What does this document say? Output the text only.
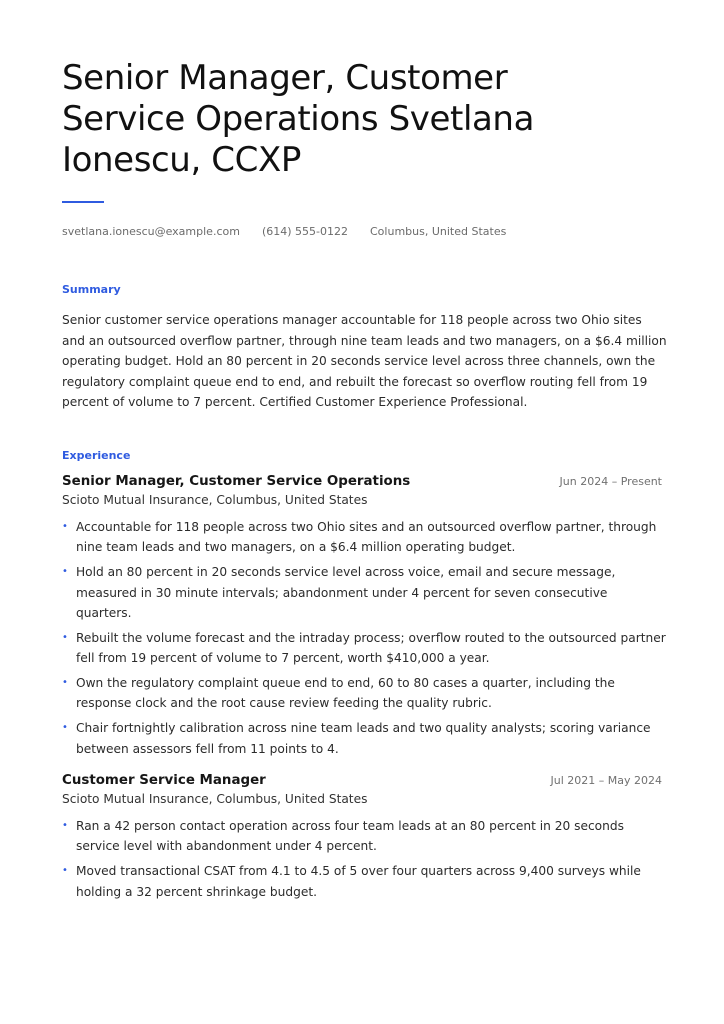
Senior Manager, Customer Service Operations Svetlana Ionescu, CCXP
svetlana.ionescu@example.com (614) 555-0122 Columbus, United States
Summary

Senior customer service operations manager accountable for 118 people across two Ohio sites and an outsourced overflow partner, through nine team leads and two managers, on a $6.4 million operating budget. Hold an 80 percent in 20 seconds service level across three channels, own the regulatory complaint queue end to end, and rebuilt the forecast so overflow routing fell from 19 percent of volume to 7 percent. Certified Customer Experience Professional.

Experience
Senior Manager, Customer Service Operations	Jun 2024 – Present
Scioto Mutual Insurance, Columbus, United States
• Accountable for 118 people across two Ohio sites and an outsourced overflow partner, through nine team leads and two managers, on a $6.4 million operating budget.
• Hold an 80 percent in 20 seconds service level across voice, email and secure message, measured in 30 minute intervals; abandonment under 4 percent for seven consecutive quarters.
• Rebuilt the volume forecast and the intraday process; overflow routed to the outsourced partner fell from 19 percent of volume to 7 percent, worth $410,000 a year.
• Own the regulatory complaint queue end to end, 60 to 80 cases a quarter, including the response clock and the root cause review feeding the quality rubric.
• Chair fortnightly calibration across nine team leads and two quality analysts; scoring variance between assessors fell from 11 points to 4.
Customer Service Manager	Jul 2021 – May 2024
Scioto Mutual Insurance, Columbus, United States
• Ran a 42 person contact operation across four team leads at an 80 percent in 20 seconds service level with abandonment under 4 percent.
• Moved transactional CSAT from 4.1 to 4.5 of 5 over four quarters across 9,400 surveys while holding a 32 percent shrinkage budget.
